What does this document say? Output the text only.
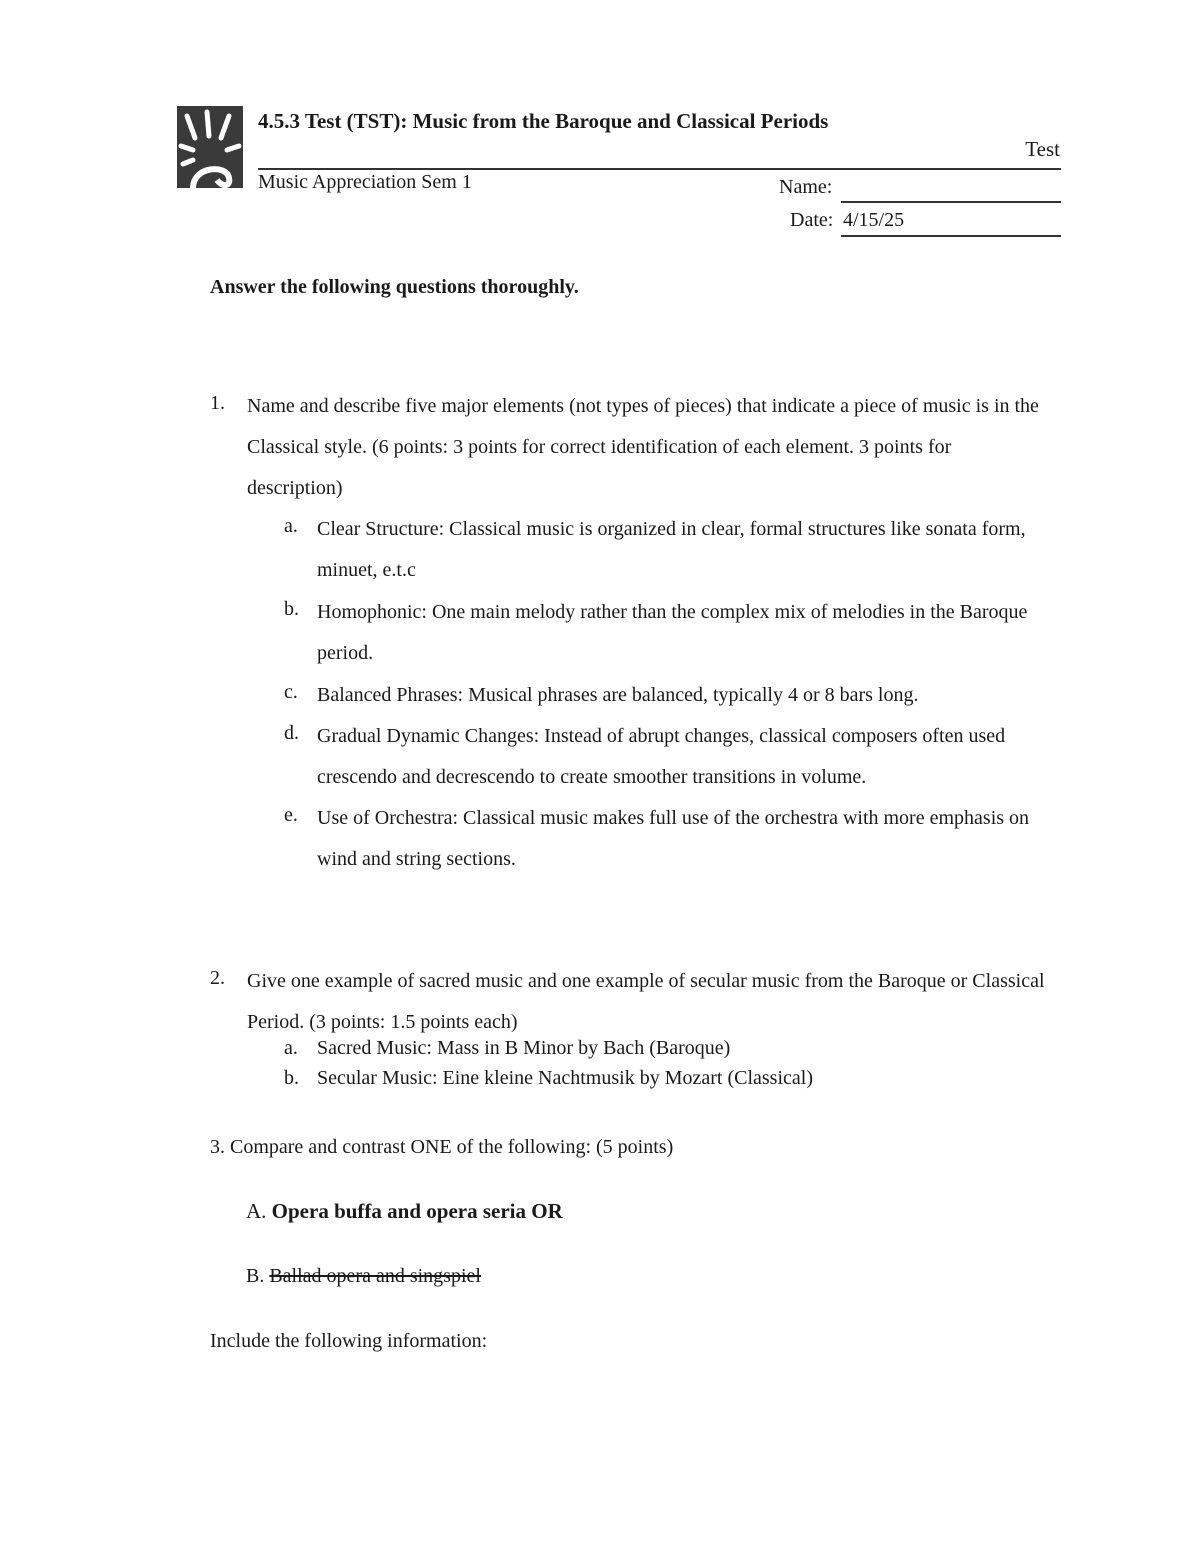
4.5.3 Test (TST): Music from the Baroque and Classical Periods
Test
Music Appreciation Sem 1	Name:
Date: 4/15/25
Answer the following questions thoroughly.
1. Name and describe five major elements (not types of pieces) that indicate a piece of music is in the Classical style. (6 points: 3 points for correct identification of each element. 3 points for description)
a. Clear Structure: Classical music is organized in clear, formal structures like sonata form, minuet, e.t.c
b. Homophonic: One main melody rather than the complex mix of melodies in the Baroque period.
c. Balanced Phrases: Musical phrases are balanced, typically 4 or 8 bars long.
d. Gradual Dynamic Changes: Instead of abrupt changes, classical composers often used crescendo and decrescendo to create smoother transitions in volume.
e. Use of Orchestra: Classical music makes full use of the orchestra with more emphasis on wind and string sections.
2. Give one example of sacred music and one example of secular music from the Baroque or Classical Period. (3 points: 1.5 points each)
a. Sacred Music: Mass in B Minor by Bach (Baroque)
b. Secular Music: Eine kleine Nachtmusik by Mozart (Classical)
3. Compare and contrast ONE of the following: (5 points)
A. Opera buffa and opera seria OR
B. Ballad opera and singspiel
Include the following information:
